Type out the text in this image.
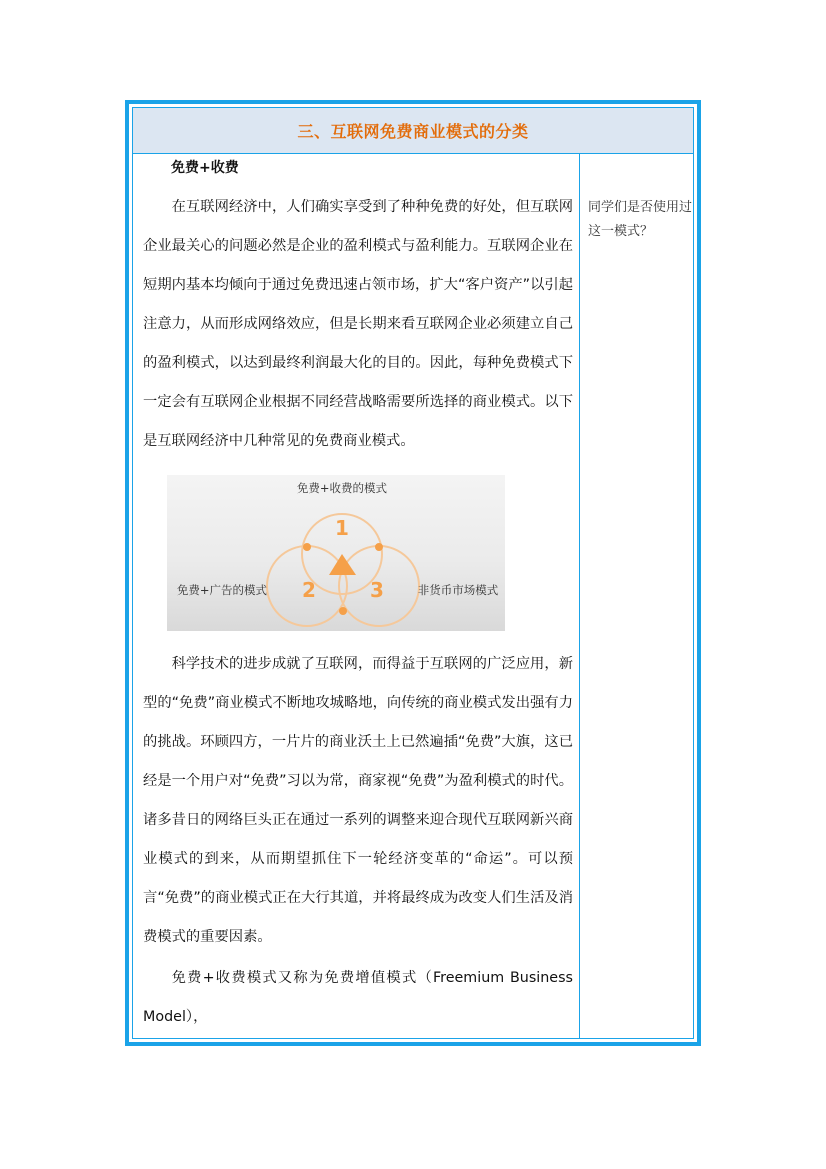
三、互联网免费商业模式的分类
免费+收费

在互联网经济中，人们确实享受到了种种免费的好处，但互联网企业最关心的问题必然是企业的盈利模式与盈利能力。互联网企业在短期内基本均倾向于通过免费迅速占领市场，扩大“客户资产”以引起注意力，从而形成网络效应，但是长期来看互联网企业必须建立自己的盈利模式，以达到最终利润最大化的目的。因此，每种免费模式下一定会有互联网企业根据不同经营战略需要所选择的商业模式。以下是互联网经济中几种常见的免费商业模式。

免费+收费的模式
免费+广告的模式	非货币市场模式
1
2	3

科学技术的进步成就了互联网，而得益于互联网的广泛应用，新型的“免费”商业模式不断地攻城略地，向传统的商业模式发出强有力的挑战。环顾四方，一片片的商业沃土上已然遍插“免费”大旗，这已经是一个用户对“免费”习以为常，商家视“免费”为盈利模式的时代。诸多昔日的网络巨头正在通过一系列的调整来迎合现代互联网新兴商业模式的到来，从而期望抓住下一轮经济变革的“命运”。可以预言“免费”的商业模式正在大行其道，并将最终成为改变人们生活及消费模式的重要因素。

免费+收费模式又称为免费增值模式（Freemium Business Model），

同学们是否使用过这一模式？
